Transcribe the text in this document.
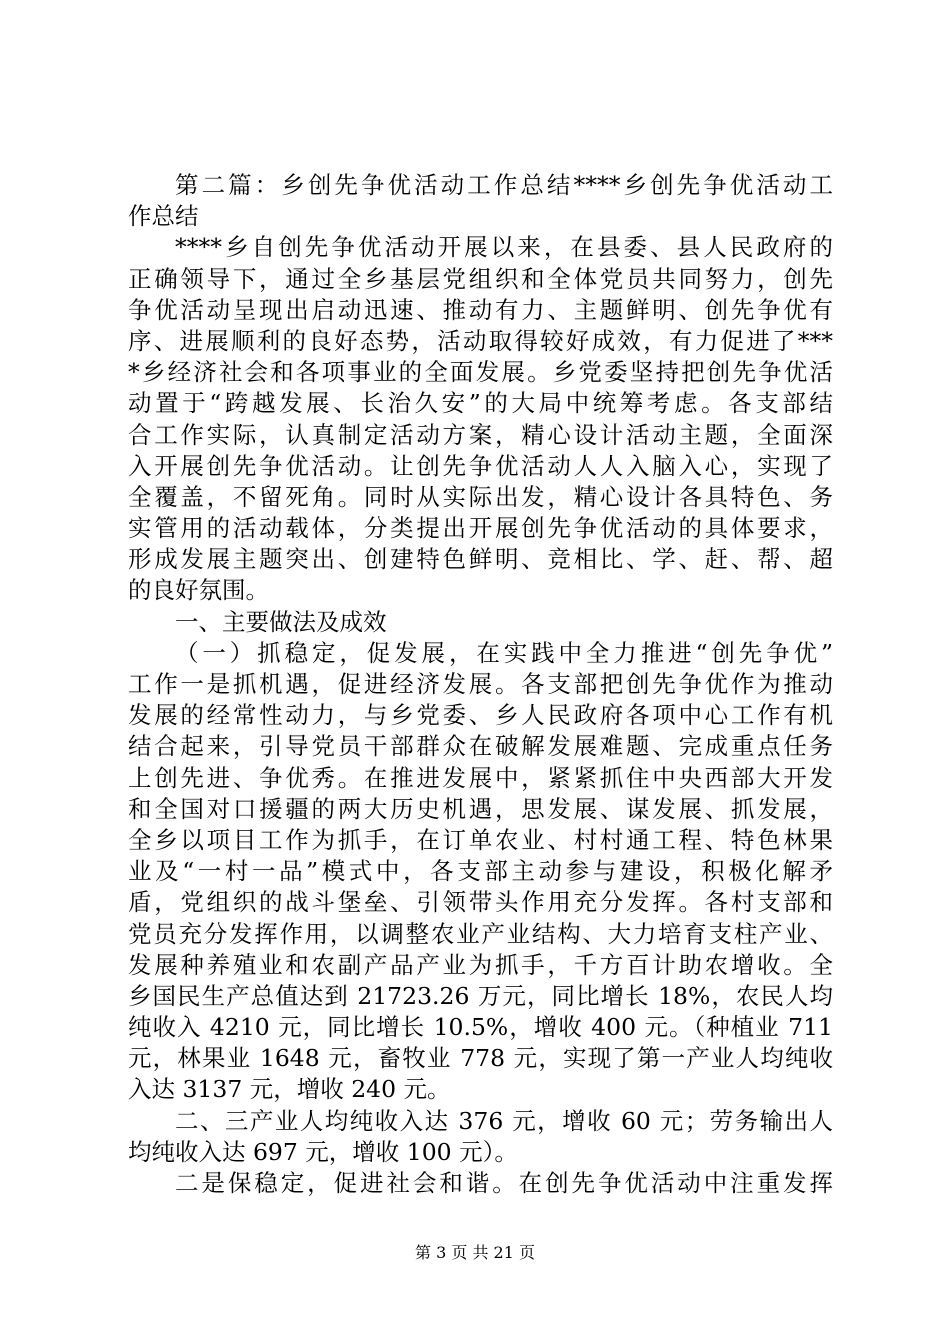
第二篇：乡创先争优活动工作总结****乡创先争优活动工
作总结
****乡自创先争优活动开展以来，在县委、县人民政府的
正确领导下，通过全乡基层党组织和全体党员共同努力，创先
争优活动呈现出启动迅速、推动有力、主题鲜明、创先争优有
序、进展顺利的良好态势，活动取得较好成效，有力促进了***
*乡经济社会和各项事业的全面发展。乡党委坚持把创先争优活
动置于“跨越发展、长治久安”的大局中统筹考虑。各支部结
合工作实际，认真制定活动方案，精心设计活动主题，全面深
入开展创先争优活动。让创先争优活动人人入脑入心，实现了
全覆盖，不留死角。同时从实际出发，精心设计各具特色、务
实管用的活动载体，分类提出开展创先争优活动的具体要求，
形成发展主题突出、创建特色鲜明、竞相比、学、赶、帮、超
的良好氛围。
一、主要做法及成效
（一）抓稳定，促发展，在实践中全力推进“创先争优”
工作一是抓机遇，促进经济发展。各支部把创先争优作为推动
发展的经常性动力，与乡党委、乡人民政府各项中心工作有机
结合起来，引导党员干部群众在破解发展难题、完成重点任务
上创先进、争优秀。在推进发展中，紧紧抓住中央西部大开发
和全国对口援疆的两大历史机遇，思发展、谋发展、抓发展，
全乡以项目工作为抓手，在订单农业、村村通工程、特色林果
业及“一村一品”模式中，各支部主动参与建设，积极化解矛
盾，党组织的战斗堡垒、引领带头作用充分发挥。各村支部和
党员充分发挥作用，以调整农业产业结构、大力培育支柱产业、
发展种养殖业和农副产品产业为抓手，千方百计助农增收。全
乡国民生产总值达到 21723.26 万元，同比增长 18%，农民人均
纯收入 4210 元，同比增长 10.5%，增收 400 元。（种植业 711
元，林果业 1648 元，畜牧业 778 元，实现了第一产业人均纯收
入达 3137 元，增收 240 元。
二、三产业人均纯收入达 376 元，增收 60 元；劳务输出人
均纯收入达 697 元，增收 100 元）。
二是保稳定，促进社会和谐。在创先争优活动中注重发挥
第 3 页 共 21 页
